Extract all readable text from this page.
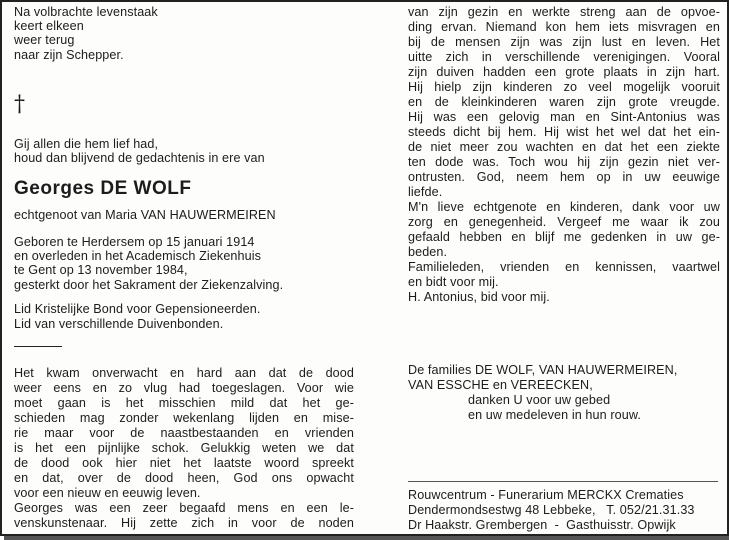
Na volbrachte levenstaak
keert elkeen
weer terug
naar zijn Schepper.
†
Gij allen die hem lief had,
houd dan blijvend de gedachtenis in ere van
Georges DE WOLF
echtgenoot van Maria VAN HAUWERMEIREN
Geboren te Herdersem op 15 januari 1914
en overleden in het Academisch Ziekenhuis
te Gent op 13 november 1984,
gesterkt door het Sakrament der Ziekenzalving.
Lid Kristelijke Bond voor Gepensioneerden.
Lid van verschillende Duivenbonden.
Het kwam onverwacht en hard aan dat de dood
weer eens en zo vlug had toegeslagen. Voor wie
moet gaan is het misschien mild dat het ge-
schieden mag zonder wekenlang lijden en mise-
rie maar voor de naastbestaanden en vrienden
is het een pijnlijke schok. Gelukkig weten we dat
de dood ook hier niet het laatste woord spreekt
en dat, over de dood heen, God ons opwacht
voor een nieuw en eeuwig leven.
Georges was een zeer begaafd mens en een le-
venskunstenaar. Hij zette zich in voor de noden
van zijn gezin en werkte streng aan de opvoe-
ding ervan. Niemand kon hem iets misvragen en
bij de mensen zijn was zijn lust en leven. Het
uitte zich in verschillende verenigingen. Vooral
zijn duiven hadden een grote plaats in zijn hart.
Hij hielp zijn kinderen zo veel mogelijk vooruit
en de kleinkinderen waren zijn grote vreugde.
Hij was een gelovig man en Sint-Antonius was
steeds dicht bij hem. Hij wist het wel dat het ein-
de niet meer zou wachten en dat het een ziekte
ten dode was. Toch wou hij zijn gezin niet ver-
ontrusten. God, neem hem op in uw eeuwige
liefde.
M'n lieve echtgenote en kinderen, dank voor uw
zorg en genegenheid. Vergeef me waar ik zou
gefaald hebben en blijf me gedenken in uw ge-
beden.
Familieleden, vrienden en kennissen, vaartwel
en bidt voor mij.
H. Antonius, bid voor mij.
De families DE WOLF, VAN HAUWERMEIREN,
VAN ESSCHE en VEREECKEN,
danken U voor uw gebed
en uw medeleven in hun rouw.
Rouwcentrum - Funerarium MERCKX Crematies
Dendermondsestwg 48 Lebbeke,   T. 052/21.31.33
Dr Haakstr. Grembergen  -  Gasthuisstr. Opwijk
